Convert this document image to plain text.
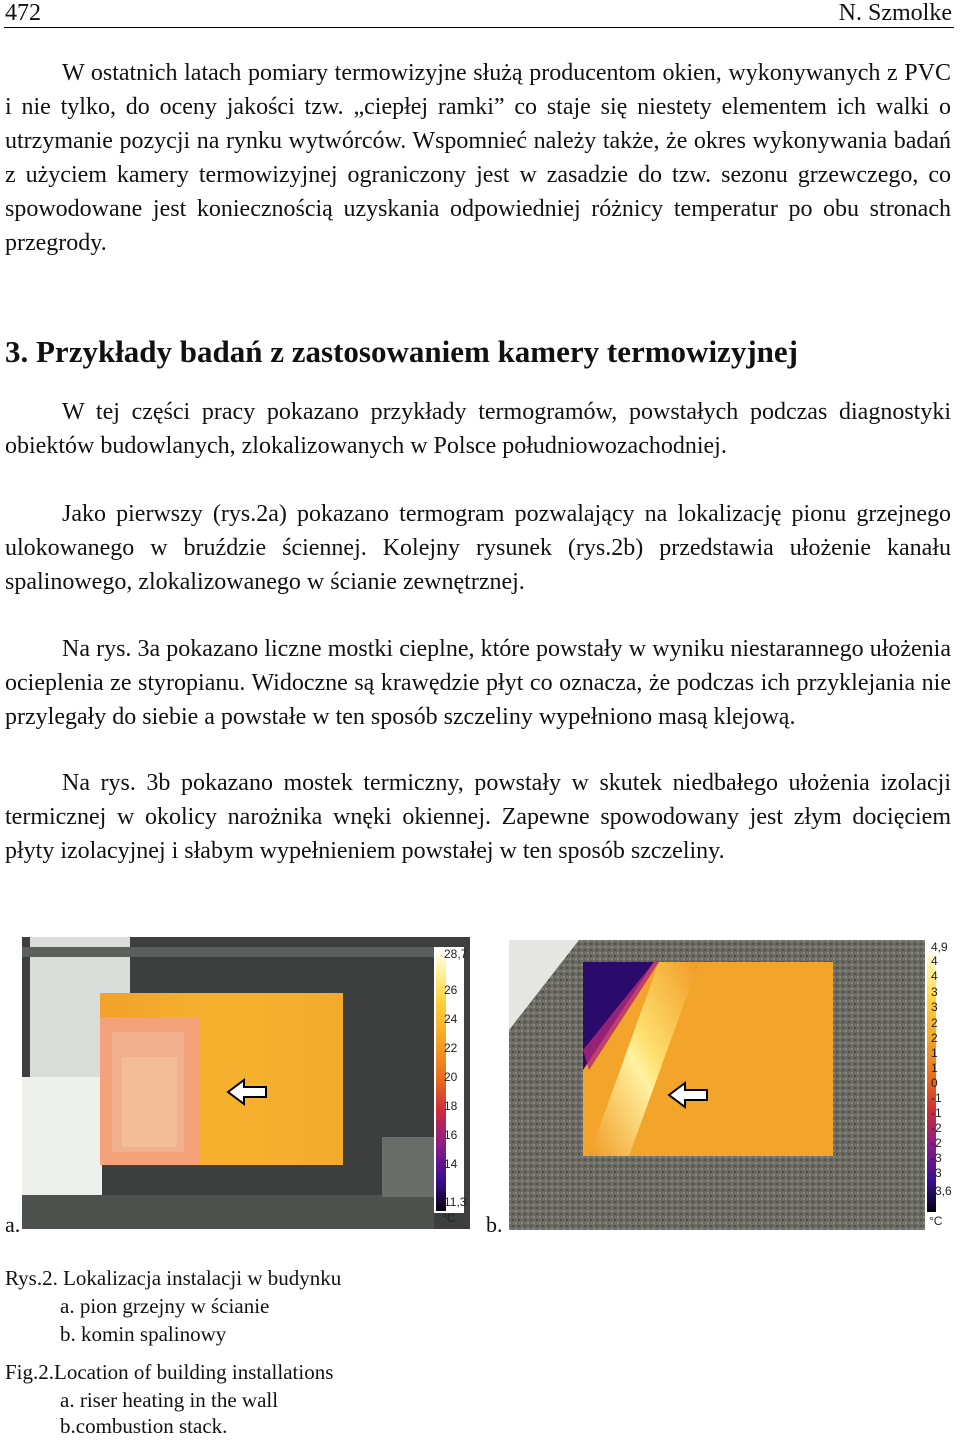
472	N. Szmolke

W ostatnich latach pomiary termowizyjne służą producentom okien, wykonywanych z PVC i nie tylko, do oceny jakości tzw. „ciepłej ramki” co staje się niestety elementem ich walki o utrzymanie pozycji na rynku wytwórców. Wspomnieć należy także, że okres wykonywania badań z użyciem kamery termowizyjnej ograniczony jest w zasadzie do tzw. sezonu grzewczego, co spowodowane jest koniecznością uzyskania odpowiedniej różnicy temperatur po obu stronach przegrody.

3. Przykłady badań z zastosowaniem kamery termowizyjnej

W tej części pracy pokazano przykłady termogramów, powstałych podczas diagnostyki obiektów budowlanych, zlokalizowanych w Polsce południowozachodniej.

Jako pierwszy (rys.2a) pokazano termogram pozwalający na lokalizację pionu grzejnego ulokowanego w bruździe ściennej. Kolejny rysunek (rys.2b) przedstawia ułożenie kanału spalinowego, zlokalizowanego w ścianie zewnętrznej.

Na rys. 3a pokazano liczne mostki cieplne, które powstały w wyniku niestarannego ułożenia ocieplenia ze styropianu. Widoczne są krawędzie płyt co oznacza, że podczas ich przyklejania nie przylegały do siebie a powstałe w ten sposób szczeliny wypełniono masą klejową.

Na rys. 3b pokazano mostek termiczny, powstały w skutek niedbałego ułożenia izolacji termicznej w okolicy narożnika wnęki okiennej. Zapewne spowodowany jest złym docięciem płyty izolacyjnej i słabym wypełnieniem powstałej w ten sposób szczeliny.

28,7
26
24
22
20
18
16
14
11,3
°C
a.
4,9
4
4
3
3
2
2
1
1
0
-1
-1
-2
-2
-3
-3
-3,6
°C
b.
Rys.2. Lokalizacja instalacji w budynku
a. pion grzejny w ścianie
b. komin spalinowy
Fig.2.Location of building installations
a. riser heating in the wall
b.combustion stack.
